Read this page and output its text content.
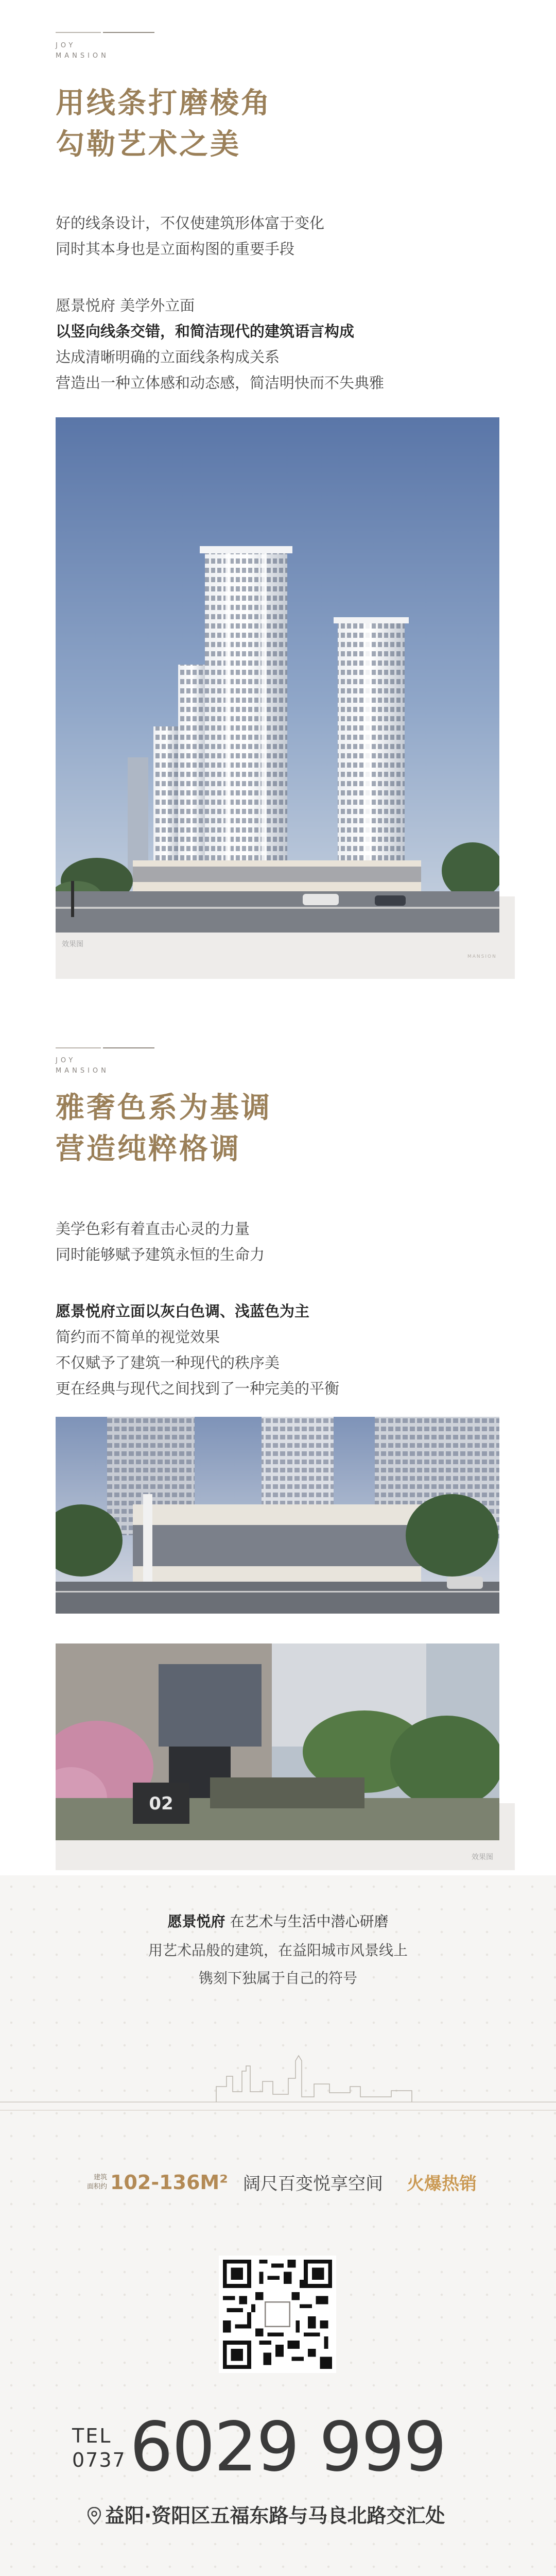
JOY
MANSION
用线条打磨棱角
勾勒艺术之美
好的线条设计，不仅使建筑形体富于变化
同时其本身也是立面构图的重要手段
愿景悦府 美学外立面
以竖向线条交错，和简洁现代的建筑语言构成
达成清晰明确的立面线条构成关系
营造出一种立体感和动态感，简洁明快而不失典雅
效果图
MANSION
JOY
MANSION
雅奢色系为基调
营造纯粹格调
美学色彩有着直击心灵的力量
同时能够赋予建筑永恒的生命力
愿景悦府立面以灰白色调、浅蓝色为主
简约而不简单的视觉效果
不仅赋予了建筑一种现代的秩序美
更在经典与现代之间找到了一种完美的平衡
02
效果图
愿景悦府 在艺术与生活中潜心研磨
用艺术品般的建筑，在益阳城市风景线上
镌刻下独属于自己的符号
建筑
面积约 102-136M² 阔尺百变悦享空间 火爆热销
TEL
0737 6029 999
益阳·资阳区五福东路与马良北路交汇处
